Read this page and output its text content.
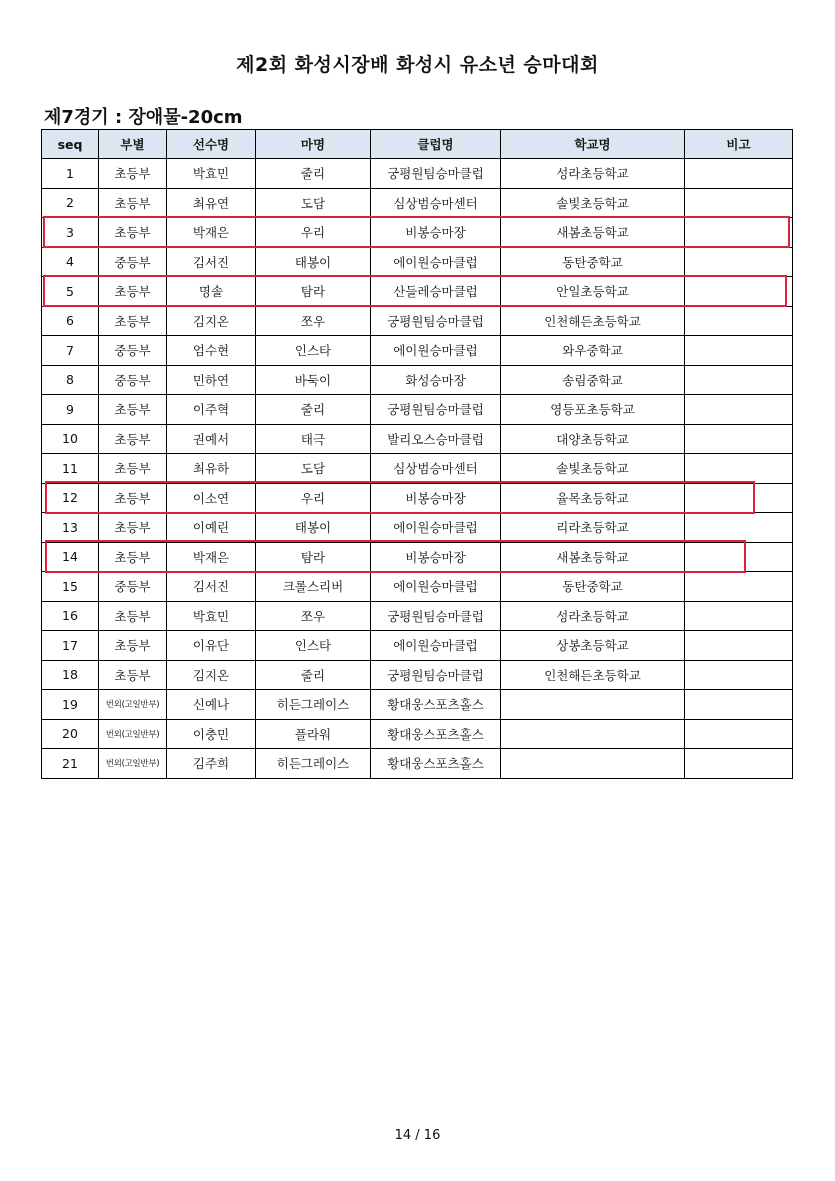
제2회 화성시장배 화성시 유소년 승마대회
제7경기 : 장애물-20cm
seq	부별	선수명	마명	클럽명	학교명	비고
1	초등부	박효민	줄리	궁평원팀승마클럽	성라초등학교	
2	초등부	최유연	도담	심상범승마센터	솔빛초등학교	
3	초등부	박재은	우리	비봉승마장	새봄초등학교	
4	중등부	김서진	태봉이	에이원승마클럽	동탄중학교	
5	초등부	명솔	탐라	산들레승마클럽	안일초등학교	
6	초등부	김지온	쪼우	궁평원팀승마클럽	인천해든초등학교	
7	중등부	엄수현	인스타	에이원승마클럽	와우중학교	
8	중등부	민하연	바둑이	화성승마장	송림중학교	
9	초등부	이주혁	줄리	궁평원팀승마클럽	영등포초등학교	
10	초등부	권예서	태극	발리오스승마클럽	대양초등학교	
11	초등부	최유하	도담	심상범승마센터	솔빛초등학교	
12	초등부	이소연	우리	비봉승마장	율목초등학교	
13	초등부	이예린	태봉이	에이원승마클럽	리라초등학교	
14	초등부	박재은	탐라	비봉승마장	새봄초등학교	
15	중등부	김서진	크롤스리버	에이원승마클럽	동탄중학교	
16	초등부	박효민	쪼우	궁평원팀승마클럽	성라초등학교	
17	초등부	이유단	인스타	에이원승마클럽	상봉초등학교	
18	초등부	김지온	줄리	궁평원팀승마클럽	인천해든초등학교	
19	번외(고일반부)	신예나	히든그레이스	황대웅스포츠홀스		
20	번외(고일반부)	이충민	플라워	황대웅스포츠홀스		
21	번외(고일반부)	김주희	히든그레이스	황대웅스포츠홀스		
14 / 16
